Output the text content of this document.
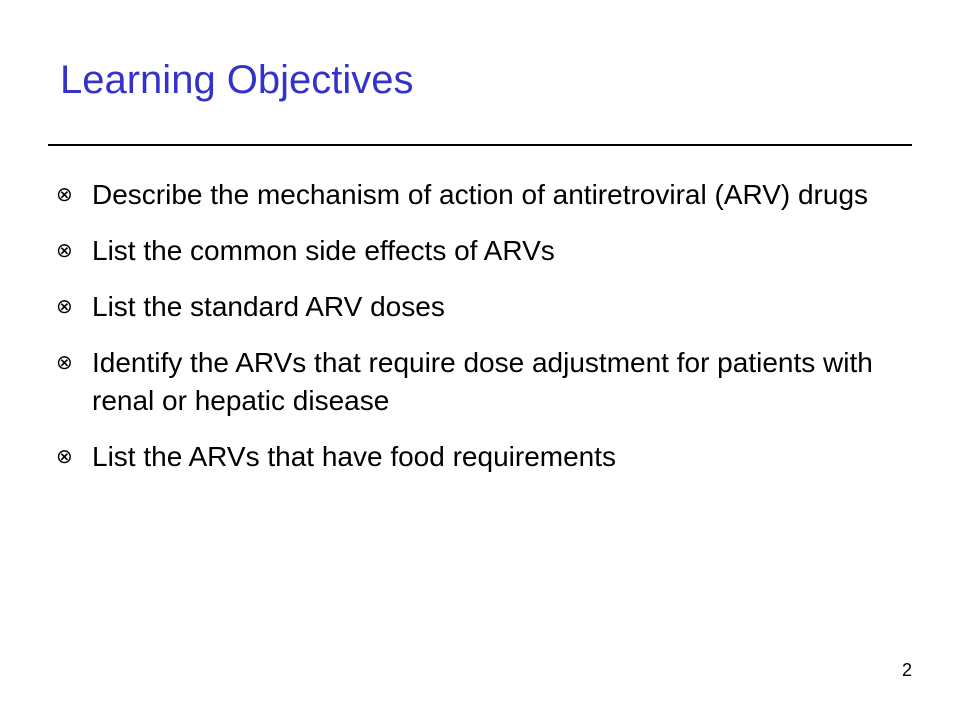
Learning Objectives
⊗ Describe the mechanism of action of antiretroviral (ARV) drugs
⊗ List the common side effects of ARVs
⊗ List the standard ARV doses
⊗ Identify the ARVs that require dose adjustment for patients with renal or hepatic disease
⊗ List the ARVs that have food requirements
2
